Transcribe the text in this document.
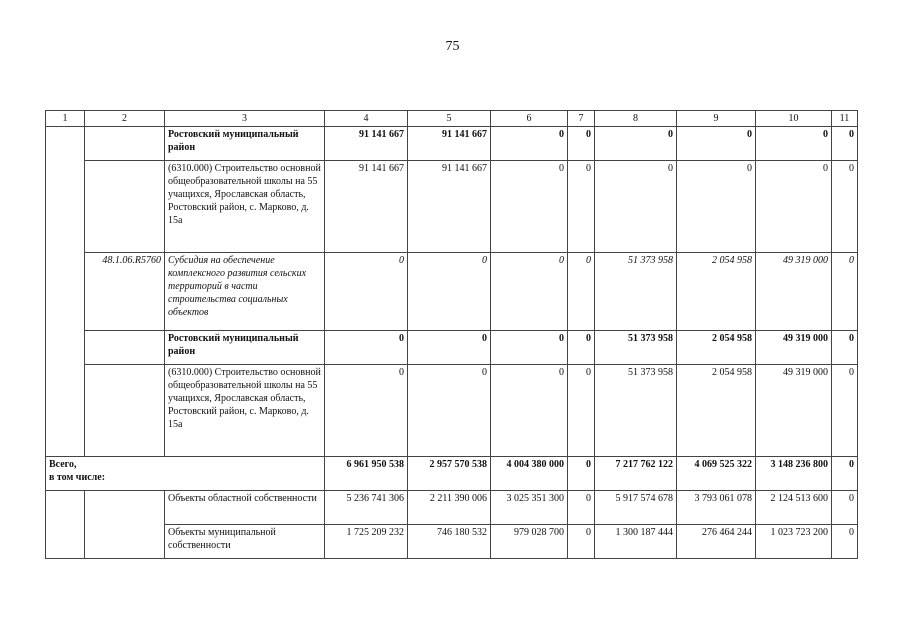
75
1	2	3	4	5	6	7	8	9	10	11
		Ростовский муниципальный район	91 141 667	91 141 667	0	0	0	0	0	0
		(6310.000) Строительство основной общеобразовательной школы на 55 учащихся, Ярославская область, Ростовский район, с. Марково, д. 15а	91 141 667	91 141 667	0	0	0	0	0	0
	48.1.06.R5760	Субсидия на обеспечение комплексного развития сельских территорий в части строительства социальных объектов	0	0	0	0	51 373 958	2 054 958	49 319 000	0
		Ростовский муниципальный район	0	0	0	0	51 373 958	2 054 958	49 319 000	0
		(6310.000) Строительство основной общеобразовательной школы на 55 учащихся, Ярославская область, Ростовский район, с. Марково, д. 15а	0	0	0	0	51 373 958	2 054 958	49 319 000	0
Всего,
в том числе:			6 961 950 538	2 957 570 538	4 004 380 000	0	7 217 762 122	4 069 525 322	3 148 236 800	0
		Объекты областной собственности	5 236 741 306	2 211 390 006	3 025 351 300	0	5 917 574 678	3 793 061 078	2 124 513 600	0
		Объекты муниципальной собственности	1 725 209 232	746 180 532	979 028 700	0	1 300 187 444	276 464 244	1 023 723 200	0
